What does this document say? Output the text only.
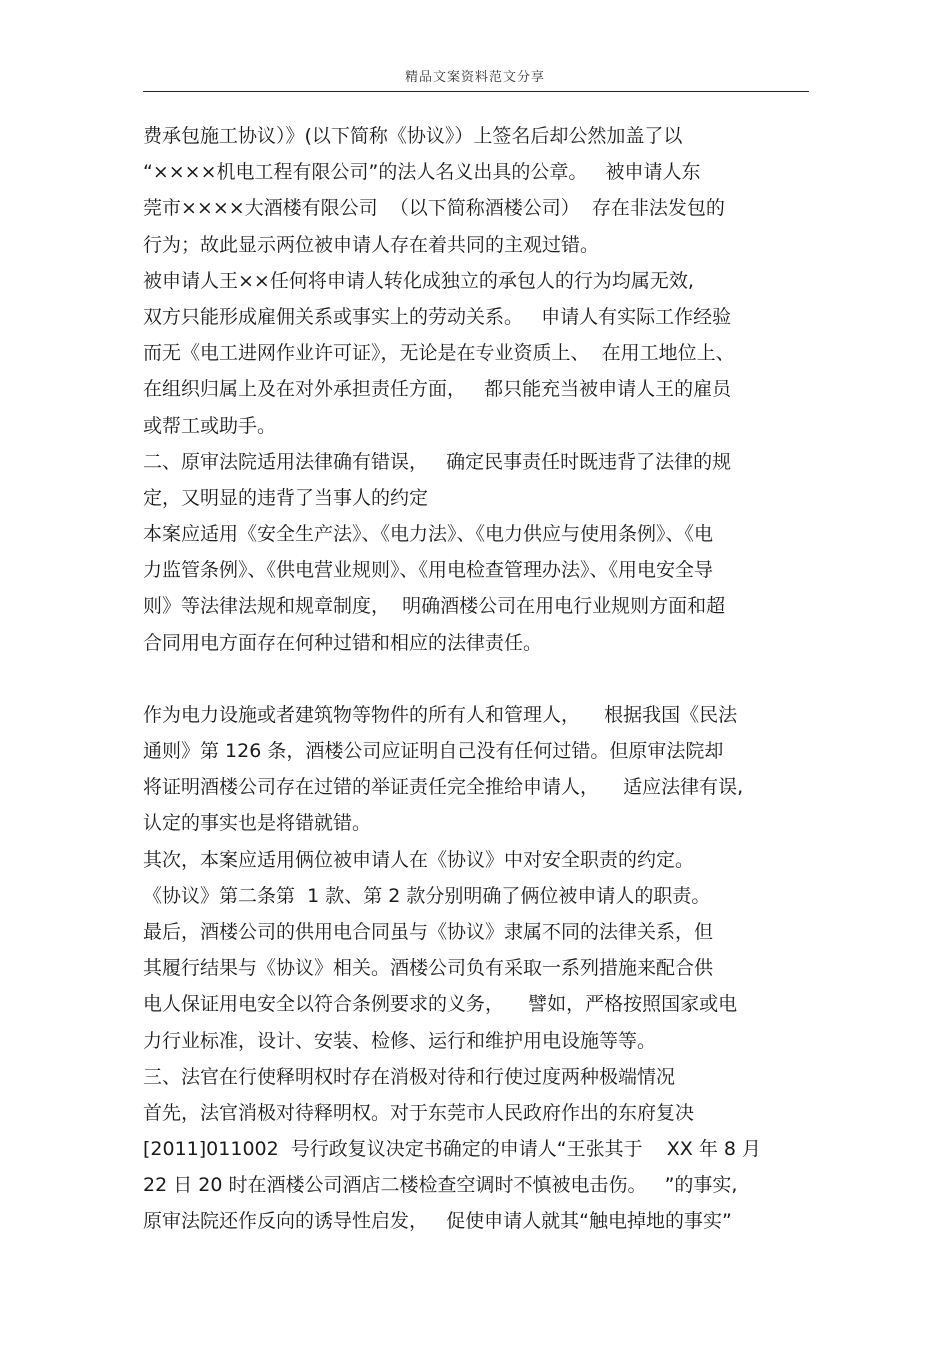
精品文案资料范文分享
费承包施工协议）》(以下简称《协议》）上签名后却公然加盖了以
“××××机电工程有限公司”的法人名义出具的公章。   被申请人东
莞市××××大酒楼有限公司  （以下简称酒楼公司）  存在非法发包的
行为；故此显示两位被申请人存在着共同的主观过错。
被申请人王××任何将申请人转化成独立的承包人的行为均属无效,
双方只能形成雇佣关系或事实上的劳动关系。   申请人有实际工作经验
而无《电工进网作业许可证》，无论是在专业资质上、  在用工地位上、
在组织归属上及在对外承担责任方面，   都只能充当被申请人王的雇员
或帮工或助手。
二、原审法院适用法律确有错误，   确定民事责任时既违背了法律的规
定，又明显的违背了当事人的约定
本案应适用《安全生产法》、《电力法》、《电力供应与使用条例》、《电
力监管条例》、《供电营业规则》、《用电检查管理办法》、《用电安全导
则》等法律法规和规章制度，  明确酒楼公司在用电行业规则方面和超
合同用电方面存在何种过错和相应的法律责任。
作为电力设施或者建筑物等物件的所有人和管理人，    根据我国《民法
通则》第 126 条，酒楼公司应证明自己没有任何过错。但原审法院却
将证明酒楼公司存在过错的举证责任完全推给申请人，    适应法律有误,
认定的事实也是将错就错。
其次，本案应适用俩位被申请人在《协议》中对安全职责的约定。
《协议》第二条第  1 款、第 2 款分别明确了俩位被申请人的职责。
最后，酒楼公司的供用电合同虽与《协议》隶属不同的法律关系，但
其履行结果与《协议》相关。酒楼公司负有采取一系列措施来配合供
电人保证用电安全以符合条例要求的义务，    譬如，严格按照国家或电
力行业标准，设计、安装、检修、运行和维护用电设施等等。
三、法官在行使释明权时存在消极对待和行使过度两种极端情况
首先，法官消极对待释明权。对于东莞市人民政府作出的东府复决
[2011]011002  号行政复议决定书确定的申请人“王张其于    XX 年 8 月
22 日 20 时在酒楼公司酒店二楼检查空调时不慎被电击伤。   ”的事实,
原审法院还作反向的诱导性启发，   促使申请人就其“触电掉地的事实”
